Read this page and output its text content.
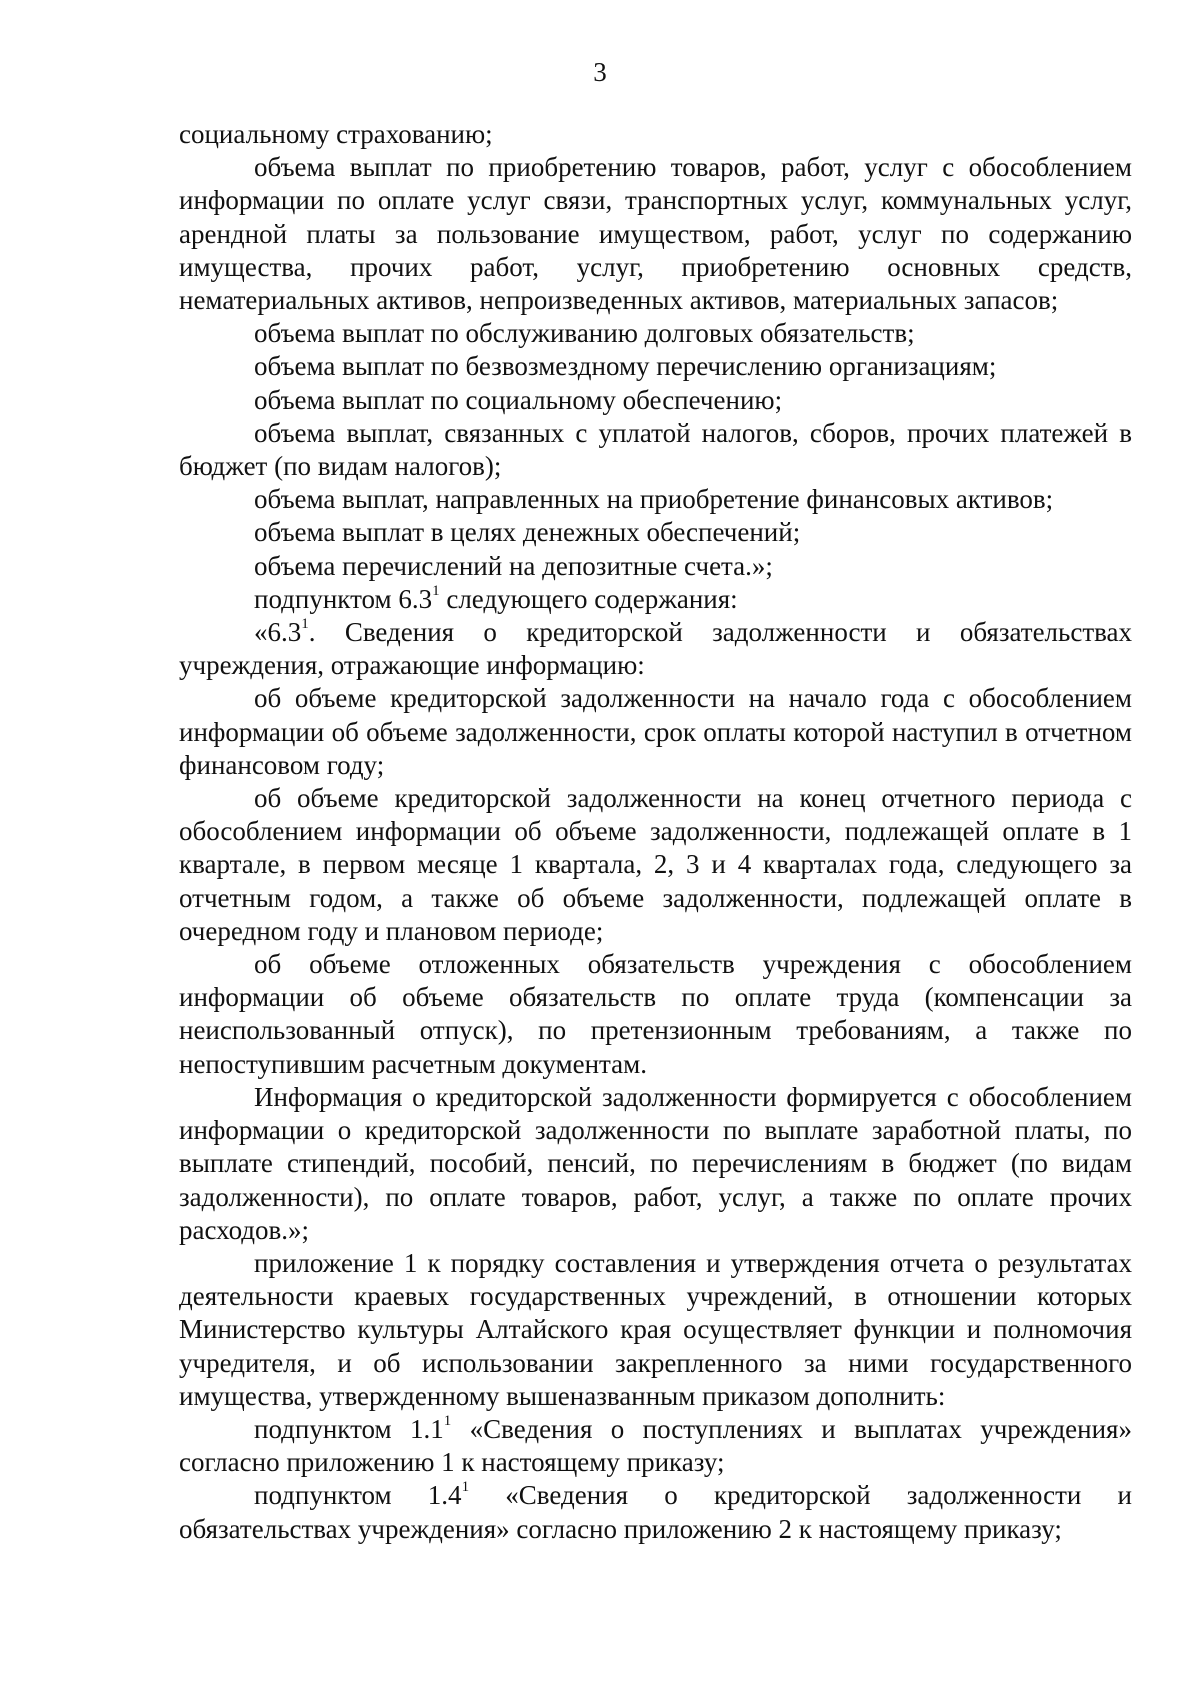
3

социальному страхованию;

объема выплат по приобретению товаров, работ, услуг с обособлением информации по оплате услуг связи, транспортных услуг, коммунальных услуг, арендной платы за пользование имуществом, работ, услуг по содержанию имущества, прочих работ, услуг, приобретению основных средств, нематериальных активов, непроизведенных активов, материальных запасов;

объема выплат по обслуживанию долговых обязательств;

объема выплат по безвозмездному перечислению организациям;

объема выплат по социальному обеспечению;

объема выплат, связанных с уплатой налогов, сборов, прочих платежей в бюджет (по видам налогов);

объема выплат, направленных на приобретение финансовых активов;

объема выплат в целях денежных обеспечений;

объема перечислений на депозитные счета.»;

подпунктом $6.3^1$ следующего содержания:

«$6.3^1$. Сведения о кредиторской задолженности и обязательствах учреждения, отражающие информацию:

об объеме кредиторской задолженности на начало года с обособлением информации об объеме задолженности, срок оплаты которой наступил в отчетном финансовом году;

об объеме кредиторской задолженности на конец отчетного периода с обособлением информации об объеме задолженности, подлежащей оплате в 1 квартале, в первом месяце 1 квартала, 2, 3 и 4 кварталах года, следующего за отчетным годом, а также об объеме задолженности, подлежащей оплате в очередном году и плановом периоде;

об объеме отложенных обязательств учреждения с обособлением информации об объеме обязательств по оплате труда (компенсации за неиспользованный отпуск), по претензионным требованиям, а также по непоступившим расчетным документам.

Информация о кредиторской задолженности формируется с обособлением информации о кредиторской задолженности по выплате заработной платы, по выплате стипендий, пособий, пенсий, по перечислениям в бюджет (по видам задолженности), по оплате товаров, работ, услуг, а также по оплате прочих расходов.»;

приложение 1 к порядку составления и утверждения отчета о результатах деятельности краевых государственных учреждений, в отношении которых Министерство культуры Алтайского края осуществляет функции и полномочия учредителя, и об использовании закрепленного за ними государственного имущества, утвержденному вышеназванным приказом дополнить:

подпунктом $1.1^1$ «Сведения о поступлениях и выплатах учреждения» согласно приложению 1 к настоящему приказу;

подпунктом $1.4^1$ «Сведения о кредиторской задолженности и обязательствах учреждения» согласно приложению 2 к настоящему приказу;
